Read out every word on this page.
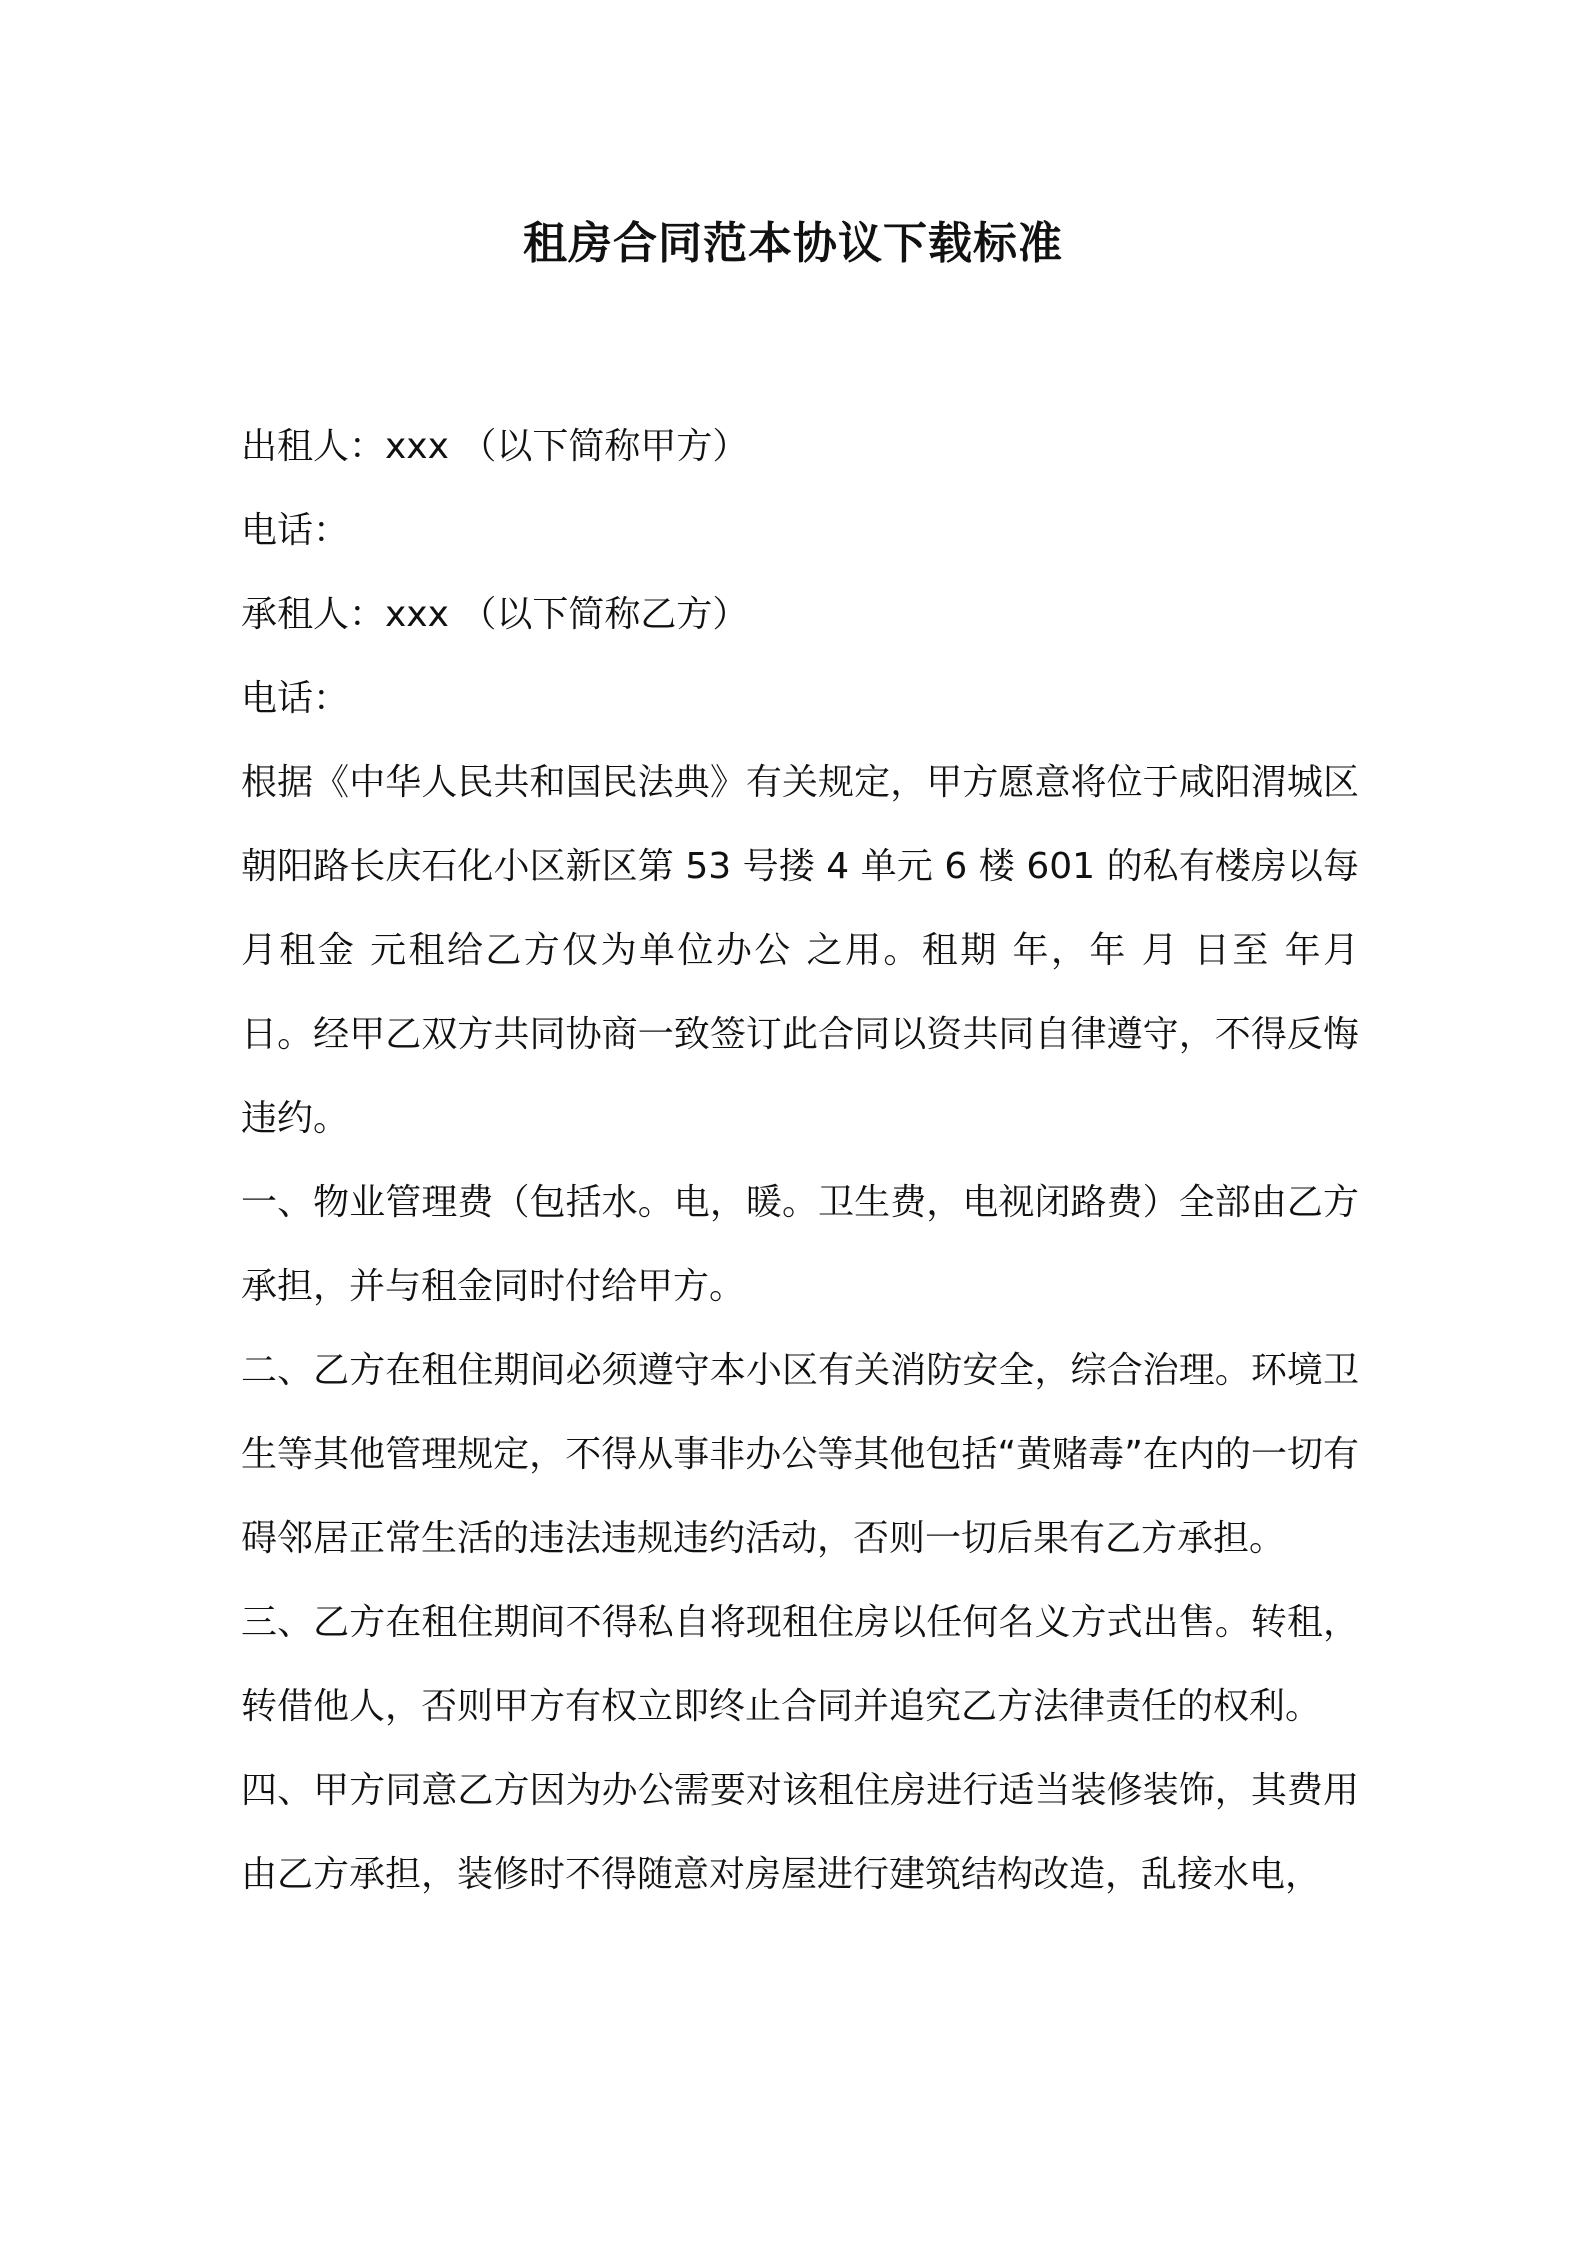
租房合同范本协议下载标准

出租人：xxx （以下简称甲方）

电话：

承租人：xxx （以下简称乙方）

电话：

根据《中华人民共和国民法典》有关规定，甲方愿意将位于咸阳渭城区朝阳路长庆石化小区新区第 53 号搂 4 单元 6 楼 601 的私有楼房以每月租金 元租给乙方仅为单位办公 之用。租期 年，年 月 日至 年月 日。经甲乙双方共同协商一致签订此合同以资共同自律遵守，不得反悔违约。

一、物业管理费（包括水。电，暖。卫生费，电视闭路费）全部由乙方承担，并与租金同时付给甲方。

二、乙方在租住期间必须遵守本小区有关消防安全，综合治理。环境卫生等其他管理规定，不得从事非办公等其他包括“黄赌毒”在内的一切有碍邻居正常生活的违法违规违约活动，否则一切后果有乙方承担。

三、乙方在租住期间不得私自将现租住房以任何名义方式出售。转租，转借他人，否则甲方有权立即终止合同并追究乙方法律责任的权利。

四、甲方同意乙方因为办公需要对该租住房进行适当装修装饰，其费用由乙方承担，装修时不得随意对房屋进行建筑结构改造，乱接水电，
